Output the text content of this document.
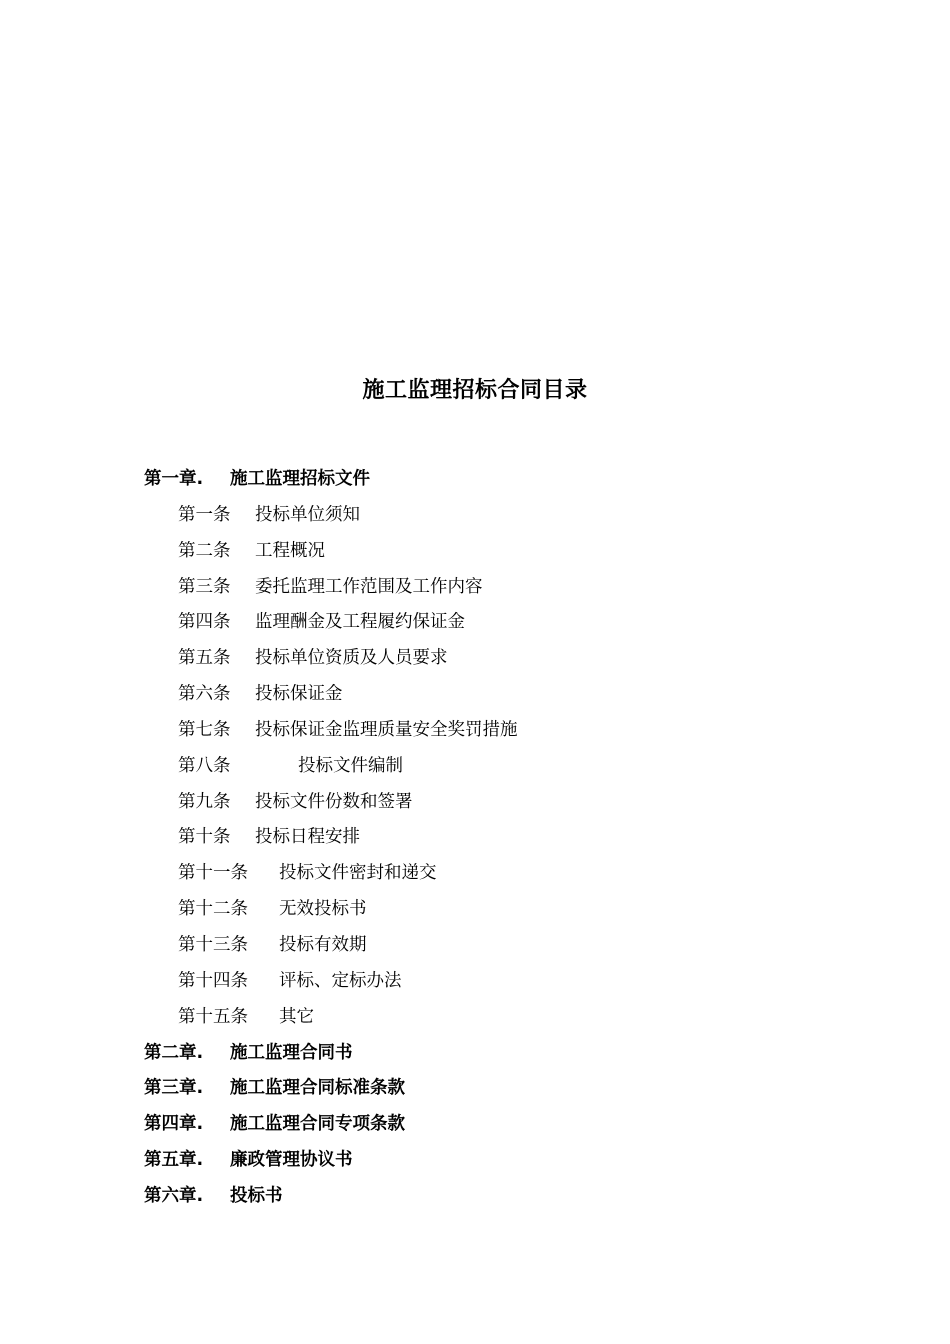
施工监理招标合同目录
第一章.	施工监理招标文件
第一条	投标单位须知
第二条	工程概况
第三条	委托监理工作范围及工作内容
第四条	监理酬金及工程履约保证金
第五条	投标单位资质及人员要求
第六条	投标保证金
第七条	投标保证金监理质量安全奖罚措施
第八条	投标文件编制
第九条	投标文件份数和签署
第十条	投标日程安排
第十一条	投标文件密封和递交
第十二条	无效投标书
第十三条	投标有效期
第十四条	评标、定标办法
第十五条	其它
第二章.	施工监理合同书
第三章.	施工监理合同标准条款
第四章.	施工监理合同专项条款
第五章.	廉政管理协议书
第六章.	投标书
